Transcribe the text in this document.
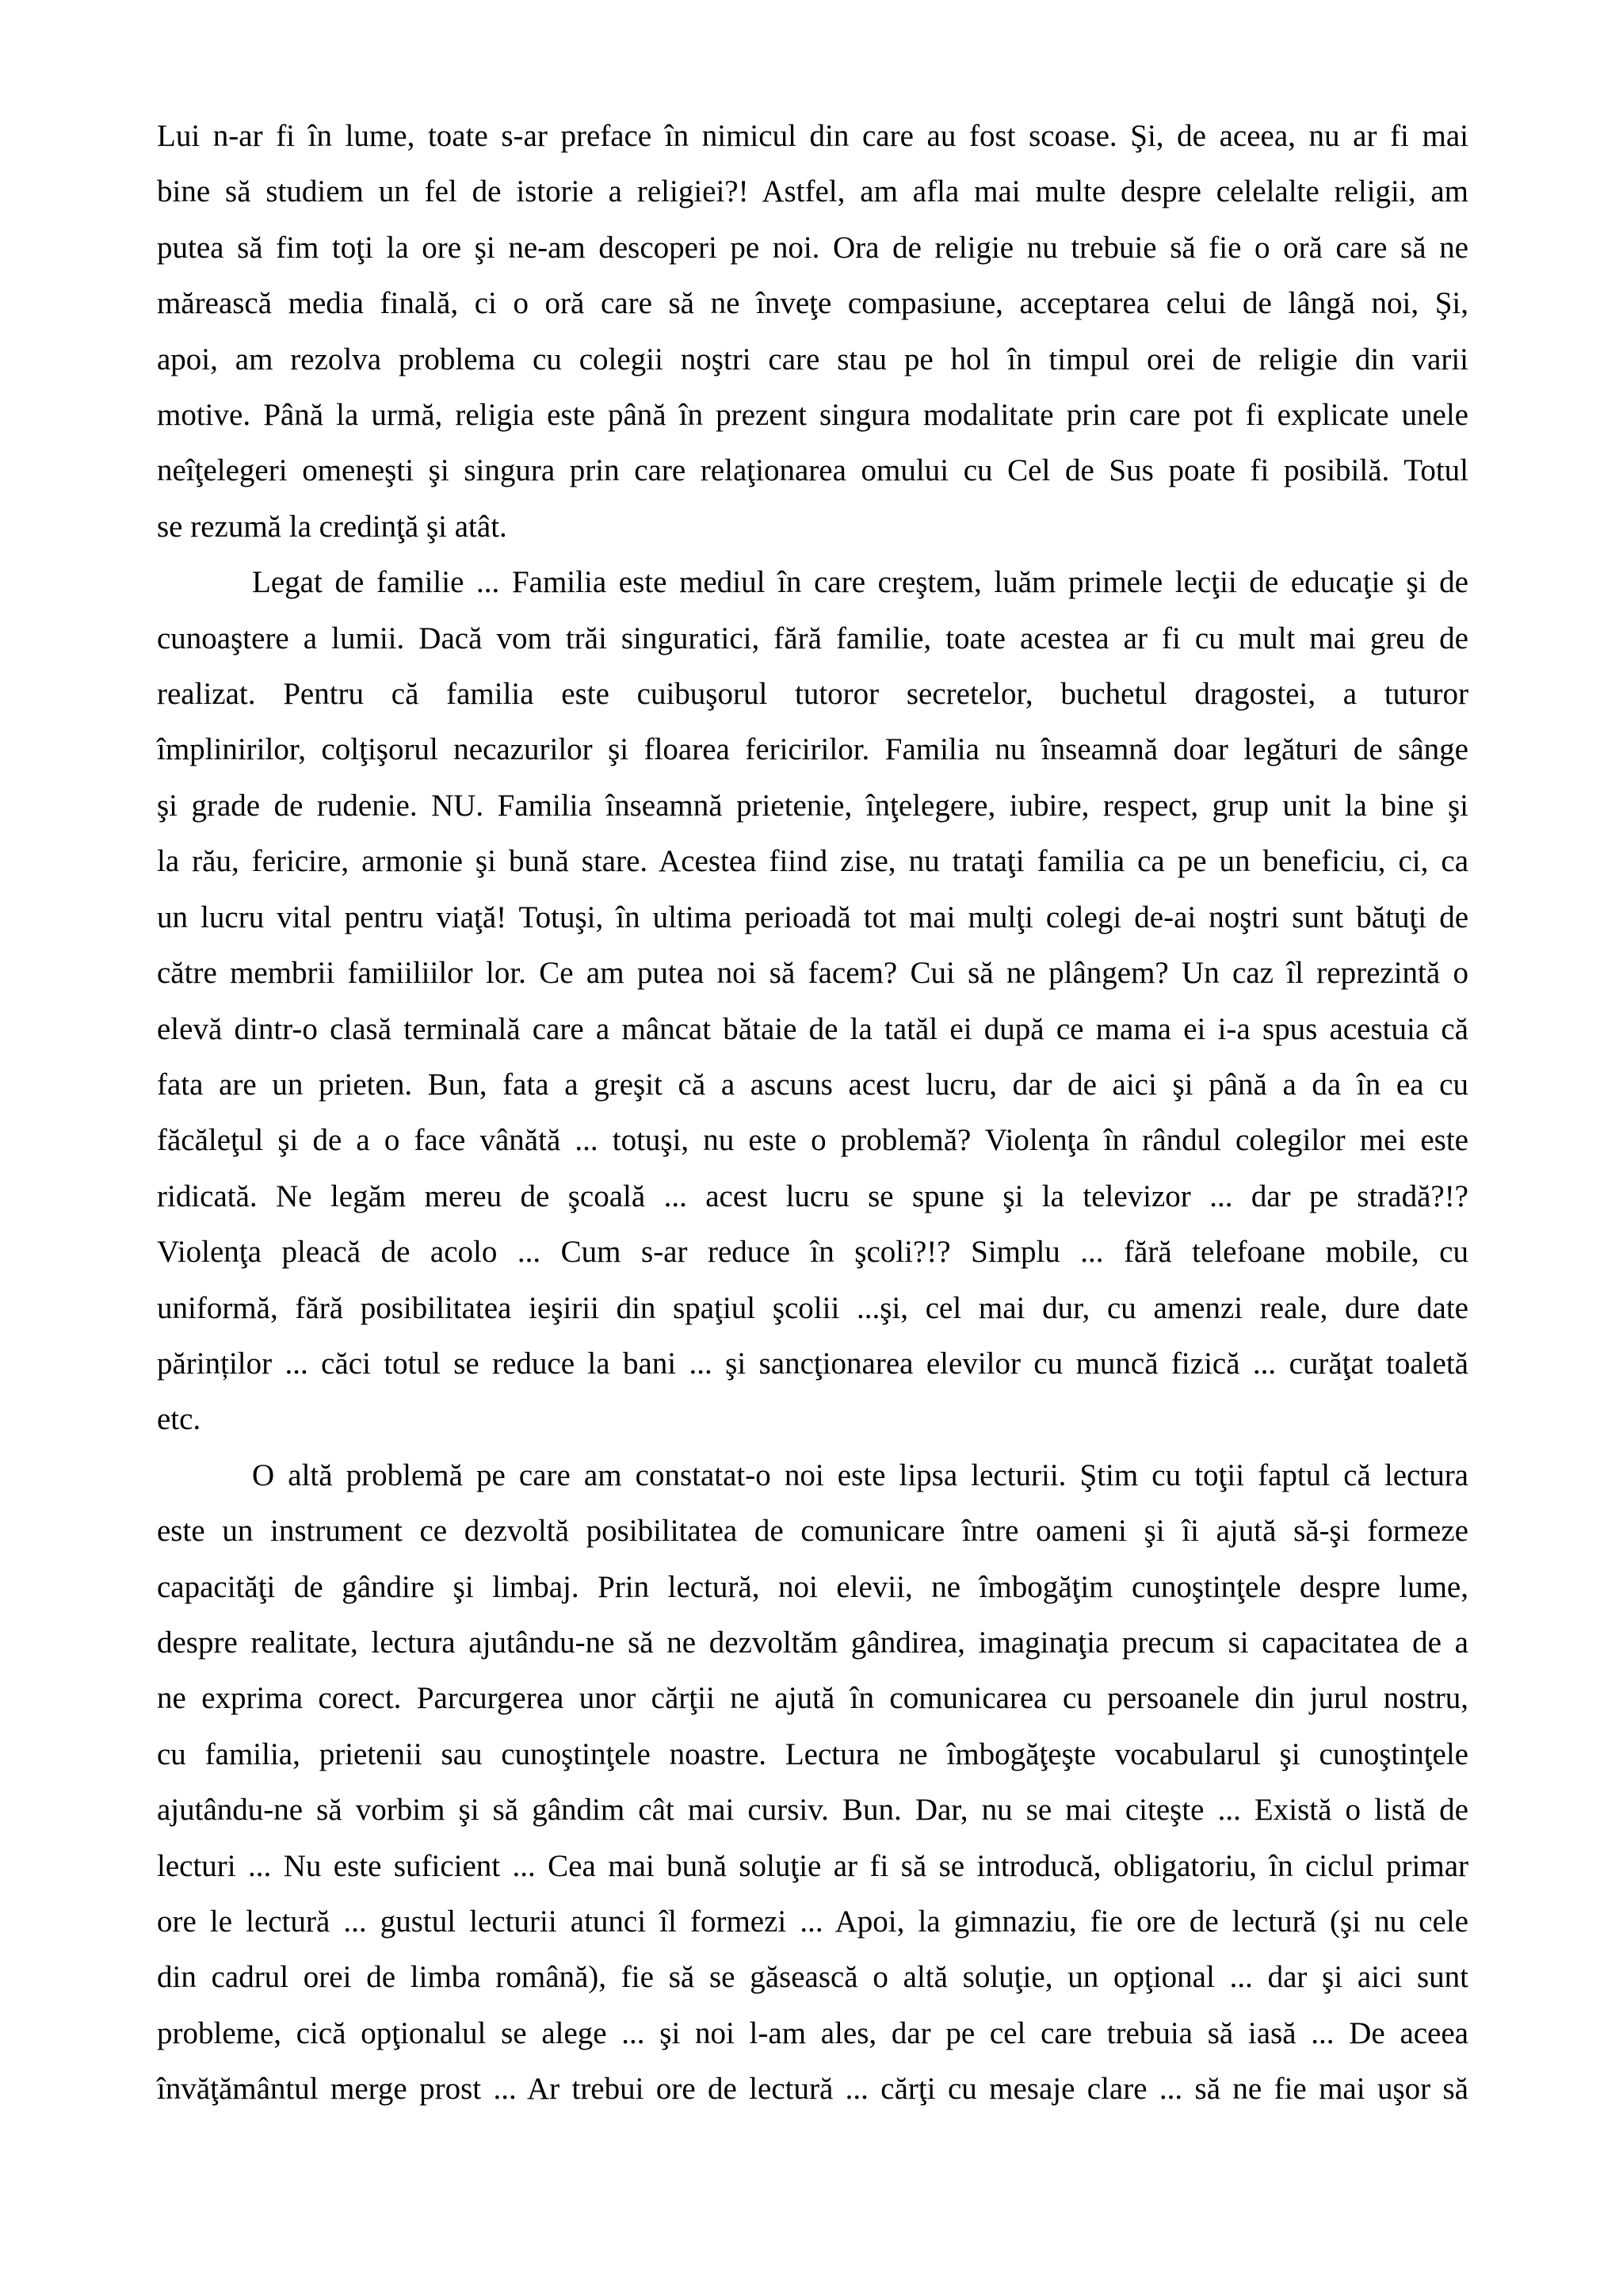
Lui n-ar fi în lume, toate s-ar preface în nimicul din care au fost scoase. Şi, de aceea, nu ar fi mai
bine să studiem un fel de istorie a religiei?! Astfel, am afla mai multe despre celelalte religii, am
putea să fim toţi la ore şi ne-am descoperi pe noi. Ora de religie nu trebuie să fie o oră care să ne
mărească media finală, ci o oră care să ne înveţe compasiune, acceptarea celui de lângă noi, Şi,
apoi, am rezolva problema cu colegii noştri care stau pe hol în timpul orei de religie din varii
motive. Până la urmă, religia este până în prezent singura modalitate prin care pot fi explicate unele
neîţelegeri omeneşti şi singura prin care relaţionarea omului cu Cel de Sus poate fi posibilă. Totul
se rezumă la credinţă şi atât.
Legat de familie ... Familia este mediul în care creştem, luăm primele lecţii de educaţie şi de
cunoaştere a lumii. Dacă vom trăi singuratici, fără familie, toate acestea ar fi cu mult mai greu de
realizat. Pentru că familia este cuibuşorul tutoror secretelor, buchetul dragostei, a tuturor
împlinirilor, colţişorul necazurilor şi floarea fericirilor. Familia nu înseamnă doar legături de sânge
şi grade de rudenie. NU. Familia înseamnă prietenie, înţelegere, iubire, respect, grup unit la bine şi
la rău, fericire, armonie şi bună stare. Acestea fiind zise, nu trataţi familia ca pe un beneficiu, ci, ca
un lucru vital pentru viaţă! Totuşi, în ultima perioadă tot mai mulţi colegi de-ai noştri sunt bătuţi de
către membrii famiiliilor lor. Ce am putea noi să facem? Cui să ne plângem? Un caz îl reprezintă o
elevă dintr-o clasă terminală care a mâncat bătaie de la tatăl ei după ce mama ei i-a spus acestuia că
fata are un prieten. Bun, fata a greşit că a ascuns acest lucru, dar de aici şi până a da în ea cu
făcăleţul şi de a o face vânătă ... totuşi, nu este o problemă? Violenţa în rândul colegilor mei este
ridicată. Ne legăm mereu de şcoală ... acest lucru se spune şi la televizor ... dar pe stradă?!?
Violenţa pleacă de acolo ... Cum s-ar reduce în şcoli?!? Simplu ... fără telefoane mobile, cu
uniformă, fără posibilitatea ieşirii din spaţiul şcolii ...şi, cel mai dur, cu amenzi reale, dure date
părinților ... căci totul se reduce la bani ... şi sancţionarea elevilor cu muncă fizică ... curăţat toaletă
etc.
O altă problemă pe care am constatat-o noi este lipsa lecturii. Ştim cu toţii faptul că lectura
este un instrument ce dezvoltă posibilitatea de comunicare între oameni şi îi ajută să-şi formeze
capacităţi de gândire şi limbaj. Prin lectură, noi elevii, ne îmbogăţim cunoştinţele despre lume,
despre realitate, lectura ajutându-ne să ne dezvoltăm gândirea, imaginaţia precum si capacitatea de a
ne exprima corect. Parcurgerea unor cărţii ne ajută în comunicarea cu persoanele din jurul nostru,
cu familia, prietenii sau cunoştinţele noastre. Lectura ne îmbogăţeşte vocabularul şi cunoştinţele
ajutându-ne să vorbim şi să gândim cât mai cursiv. Bun. Dar, nu se mai citeşte ... Există o listă de
lecturi ... Nu este suficient ... Cea mai bună soluţie ar fi să se introducă, obligatoriu, în ciclul primar
ore le lectură ... gustul lecturii atunci îl formezi ... Apoi, la gimnaziu, fie ore de lectură (şi nu cele
din cadrul orei de limba română), fie să se găsească o altă soluţie, un opţional ... dar şi aici sunt
probleme, cică opţionalul se alege ... şi noi l-am ales, dar pe cel care trebuia să iasă ... De aceea
învăţământul merge prost ... Ar trebui ore de lectură ... cărţi cu mesaje clare ... să ne fie mai uşor să
